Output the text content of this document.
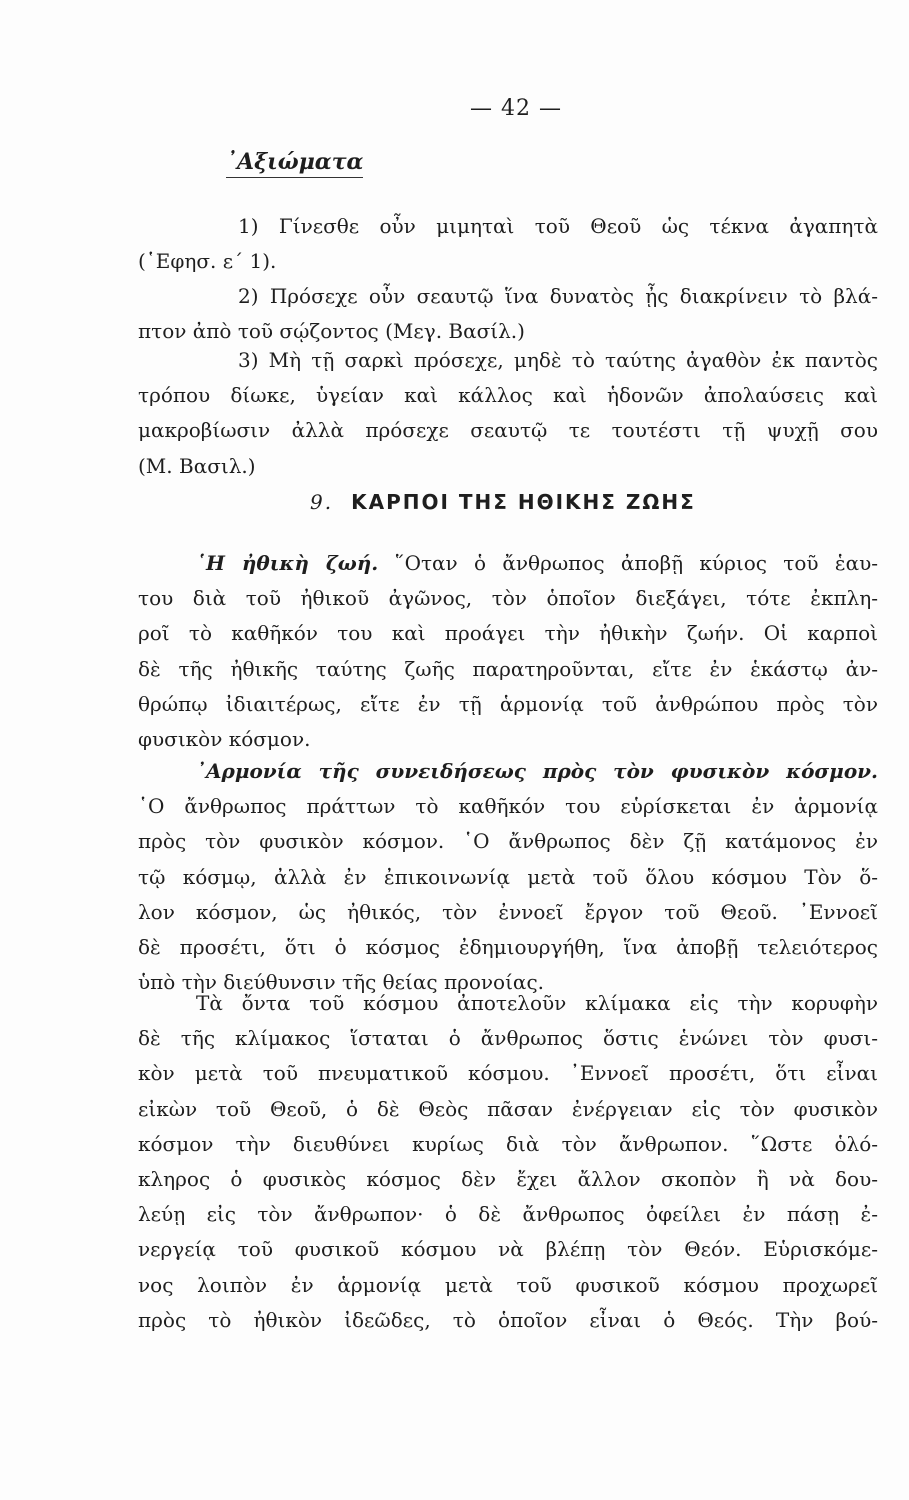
— 42 —
᾿Αξιώματα

1) Γίνεσθε οὖν μιμηταὶ τοῦ Θεοῦ ὡς τέκνα ἀγαπητὰ
(῾Εφησ. ε΄ 1).

2) Πρόσεχε οὖν σεαυτῷ ἵνα δυνατὸς ᾖς διακρίνειν τὸ βλά-
πτον ἀπὸ τοῦ σῴζοντος (Μεγ. Βασίλ.)

3) Μὴ τῇ σαρκὶ πρόσεχε, μηδὲ τὸ ταύτης ἀγαθὸν ἐκ παντὸς
τρόπου δίωκε, ὑγείαν καὶ κάλλος καὶ ἡδονῶν ἀπολαύσεις καὶ
μακροβίωσιν ἀλλὰ πρόσεχε σεαυτῷ τε τουτέστι τῇ ψυχῇ σου
(Μ. Βασιλ.)

9. ΚΑΡΠΟΙ ΤΗΣ ΗΘΙΚΗΣ ΖΩΗΣ

῾Η ἠθικὴ ζωή. ῞Οταν ὁ ἄνθρωπος ἀποβῇ κύριος τοῦ ἑαυ-
του διὰ τοῦ ἠθικοῦ ἀγῶνος, τὸν ὁποῖον διεξάγει, τότε ἐκπλη-
ροῖ τὸ καθῆκόν του καὶ προάγει τὴν ἠθικὴν ζωήν. Οἱ καρποὶ
δὲ τῆς ἠθικῆς ταύτης ζωῆς παρατηροῦνται, εἴτε ἐν ἑκάστῳ ἀν-
θρώπῳ ἰδιαιτέρως, εἴτε ἐν τῇ ἁρμονίᾳ τοῦ ἀνθρώπου πρὸς τὸν
φυσικὸν κόσμον.

᾿Αρμονία τῆς συνειδήσεως πρὸς τὸν φυσικὸν κόσμον.
῾Ο ἄνθρωπος πράττων τὸ καθῆκόν του εὑρίσκεται ἐν ἁρμονίᾳ
πρὸς τὸν φυσικὸν κόσμον. ῾Ο ἄνθρωπος δὲν ζῇ κατάμονος ἐν
τῷ κόσμῳ, ἀλλὰ ἐν ἐπικοινωνίᾳ μετὰ τοῦ ὅλου κόσμου Τὸν ὅ-
λον κόσμον, ὡς ἠθικός, τὸν ἐννοεῖ ἔργον τοῦ Θεοῦ. ᾿Εννοεῖ
δὲ προσέτι, ὅτι ὁ κόσμος ἐδημιουργήθη, ἵνα ἀποβῇ τελειότερος
ὑπὸ τὴν διεύθυνσιν τῆς θείας προνοίας.

Τὰ ὄντα τοῦ κόσμου ἀποτελοῦν κλίμακα εἰς τὴν κορυφὴν
δὲ τῆς κλίμακος ἵσταται ὁ ἄνθρωπος ὅστις ἑνώνει τὸν φυσι-
κὸν μετὰ τοῦ πνευματικοῦ κόσμου. ᾿Εννοεῖ προσέτι, ὅτι εἶναι
εἰκὼν τοῦ Θεοῦ, ὁ δὲ Θεὸς πᾶσαν ἐνέργειαν εἰς τὸν φυσικὸν
κόσμον τὴν διευθύνει κυρίως διὰ τὸν ἄνθρωπον. ῞Ωστε ὁλό-
κληρος ὁ φυσικὸς κόσμος δὲν ἔχει ἄλλον σκοπὸν ἢ νὰ δου-
λεύῃ εἰς τὸν ἄνθρωπον· ὁ δὲ ἄνθρωπος ὀφείλει ἐν πάσῃ ἐ-
νεργείᾳ τοῦ φυσικοῦ κόσμου νὰ βλέπῃ τὸν Θεόν. Εὑρισκόμε-
νος λοιπὸν ἐν ἁρμονίᾳ μετὰ τοῦ φυσικοῦ κόσμου προχωρεῖ
πρὸς τὸ ἠθικὸν ἰδεῶδες, τὸ ὁποῖον εἶναι ὁ Θεός. Τὴν βού-
